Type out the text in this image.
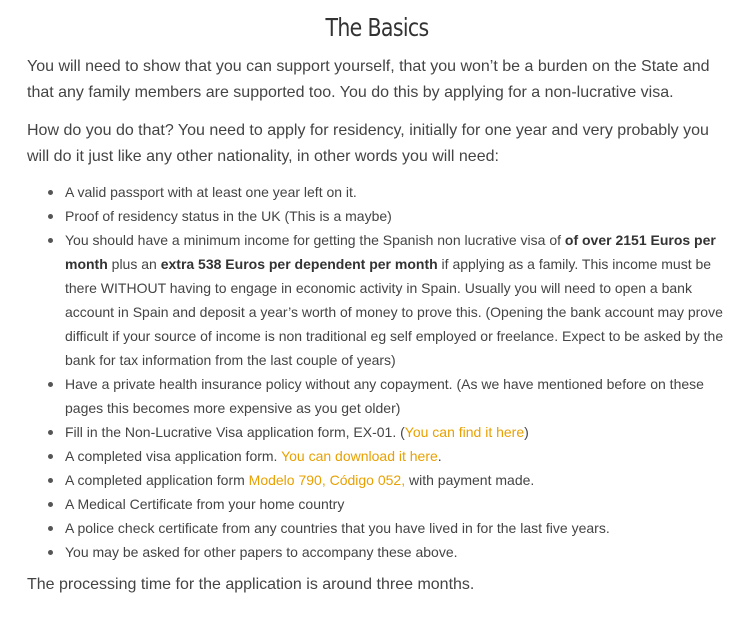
The Basics

You will need to show that you can support yourself, that you won’t be a burden on the State and that any family members are supported too. You do this by applying for a non-lucrative visa.

How do you do that? You need to apply for residency, initially for one year and very probably you will do it just like any other nationality, in other words you will need:

A valid passport with at least one year left on it.
Proof of residency status in the UK (This is a maybe)
You should have a minimum income for getting the Spanish non lucrative visa of of over 2151 Euros per month plus an extra 538 Euros per dependent per month if applying as a family. This income must be there WITHOUT having to engage in economic activity in Spain. Usually you will need to open a bank account in Spain and deposit a year’s worth of money to prove this. (Opening the bank account may prove difficult if your source of income is non traditional eg self employed or freelance. Expect to be asked by the bank for tax information from the last couple of years)
Have a private health insurance policy without any copayment. (As we have mentioned before on these pages this becomes more expensive as you get older)
Fill in the Non-Lucrative Visa application form, EX-01. (You can find it here)
A completed visa application form. You can download it here.
A completed application form Modelo 790, Código 052, with payment made.
A Medical Certificate from your home country
A police check certificate from any countries that you have lived in for the last five years.
You may be asked for other papers to accompany these above.

The processing time for the application is around three months.
